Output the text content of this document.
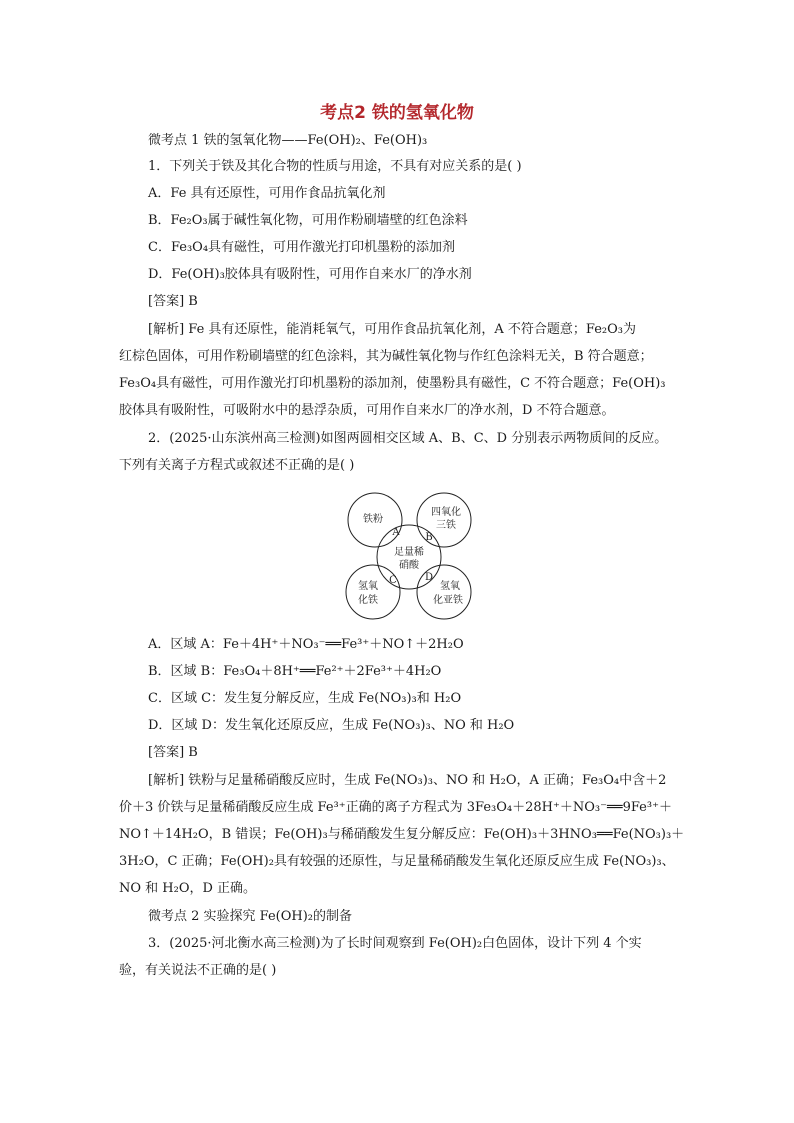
考点2 铁的氢氧化物
微考点 1 铁的氢氧化物——Fe(OH)₂、Fe(OH)₃
1．下列关于铁及其化合物的性质与用途，不具有对应关系的是( )
A．Fe 具有还原性，可用作食品抗氧化剂
B．Fe₂O₃属于碱性氧化物，可用作粉刷墙壁的红色涂料
C．Fe₃O₄具有磁性，可用作激光打印机墨粉的添加剂
D．Fe(OH)₃胶体具有吸附性，可用作自来水厂的净水剂
[答案] B
[解析] Fe 具有还原性，能消耗氧气，可用作食品抗氧化剂，A 不符合题意；Fe₂O₃为
红棕色固体，可用作粉刷墙壁的红色涂料，其为碱性氧化物与作红色涂料无关，B 符合题意；
Fe₃O₄具有磁性，可用作激光打印机墨粉的添加剂，使墨粉具有磁性，C 不符合题意；Fe(OH)₃
胶体具有吸附性，可吸附水中的悬浮杂质，可用作自来水厂的净水剂，D 不符合题意。
2．(2025·山东滨州高三检测)如图两圆相交区域 A、B、C、D 分别表示两物质间的反应。
下列有关离子方程式或叙述不正确的是( )
铁粉
四氧化
三铁
足量稀
硝酸
氢氧
化铁
氢氧
化亚铁
A	B
C	D
A．区域 A：Fe＋4H⁺＋NO₃⁻══Fe³⁺＋NO↑＋2H₂O
B．区域 B：Fe₃O₄＋8H⁺══Fe²⁺＋2Fe³⁺＋4H₂O
C．区域 C：发生复分解反应，生成 Fe(NO₃)₃和 H₂O
D．区域 D：发生氧化还原反应，生成 Fe(NO₃)₃、NO 和 H₂O
[答案] B
[解析] 铁粉与足量稀硝酸反应时，生成 Fe(NO₃)₃、NO 和 H₂O，A 正确；Fe₃O₄中含＋2
价＋3 价铁与足量稀硝酸反应生成 Fe³⁺正确的离子方程式为 3Fe₃O₄＋28H⁺＋NO₃⁻══9Fe³⁺＋
NO↑＋14H₂O，B 错误；Fe(OH)₃与稀硝酸发生复分解反应：Fe(OH)₃＋3HNO₃══Fe(NO₃)₃＋
3H₂O，C 正确；Fe(OH)₂具有较强的还原性，与足量稀硝酸发生氧化还原反应生成 Fe(NO₃)₃、
NO 和 H₂O，D 正确。
微考点 2 实验探究 Fe(OH)₂的制备
3．(2025·河北衡水高三检测)为了长时间观察到 Fe(OH)₂白色固体，设计下列 4 个实
验，有关说法不正确的是( )
